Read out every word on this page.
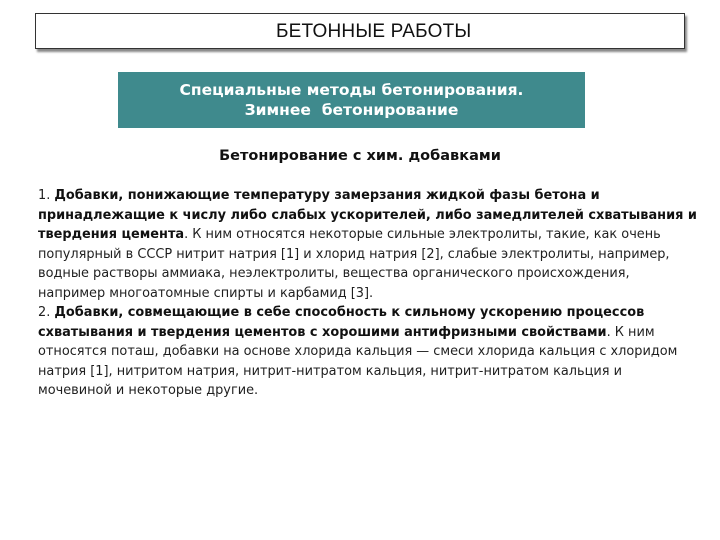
БЕТОННЫЕ РАБОТЫ
Специальные методы бетонирования.
Зимнее  бетонирование
Бетонирование с хим. добавками

1. Добавки, понижающие температуру замерзания жидкой фазы бетона и принадлежащие к числу либо слабых ускорителей, либо замедлителей схватывания и твердения цемента. К ним относятся некоторые сильные электролиты, такие, как очень популярный в СССР нитрит натрия [1] и хлорид натрия [2], слабые электролиты, например, водные растворы аммиака, неэлектролиты, вещества органического происхождения, например многоатомные спирты и карбамид [3].

2. Добавки, совмещающие в себе способность к сильному ускорению процессов схватывания и твердения цементов с хорошими антифризными свойствами. К ним относятся поташ, добавки на основе хлорида кальция — смеси хлорида кальция с хлоридом натрия [1], нитритом натрия, нитрит-нитратом кальция, нитрит-нитратом кальция и мочевиной и некоторые другие.
